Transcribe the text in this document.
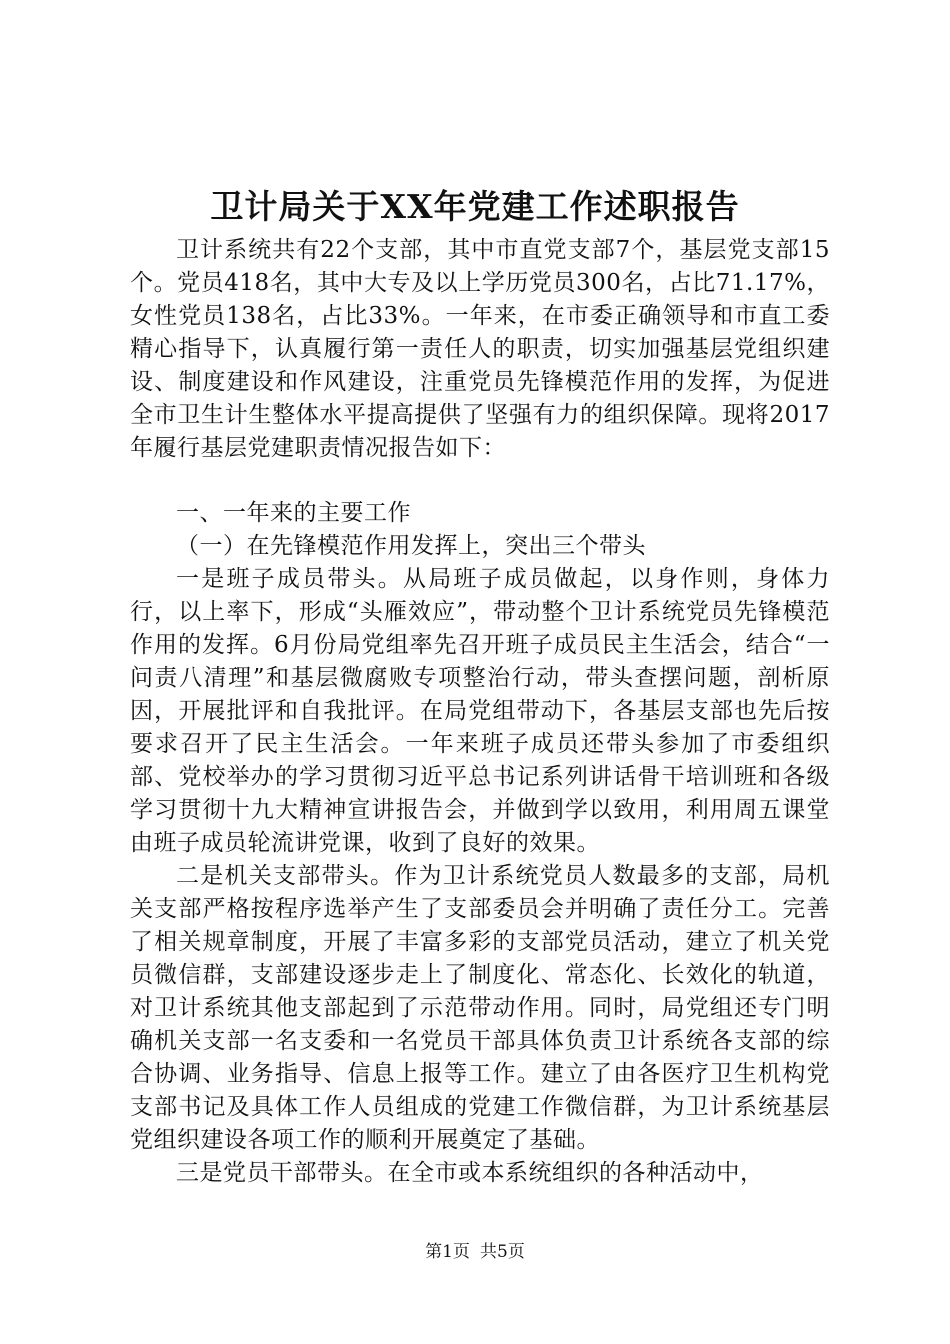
卫计局关于XX年党建工作述职报告

卫计系统共有22个支部，其中市直党支部7个，基层党支部15个。党员418名，其中大专及以上学历党员300名，占比71.17%，女性党员138名，占比33%。一年来，在市委正确领导和市直工委精心指导下，认真履行第一责任人的职责，切实加强基层党组织建设、制度建设和作风建设，注重党员先锋模范作用的发挥，为促进全市卫生计生整体水平提高提供了坚强有力的组织保障。现将2017年履行基层党建职责情况报告如下：

一、一年来的主要工作

（一）在先锋模范作用发挥上，突出三个带头

一是班子成员带头。从局班子成员做起，以身作则，身体力行，以上率下，形成“头雁效应”，带动整个卫计系统党员先锋模范作用的发挥。6月份局党组率先召开班子成员民主生活会，结合“一问责八清理”和基层微腐败专项整治行动，带头查摆问题，剖析原因，开展批评和自我批评。在局党组带动下，各基层支部也先后按要求召开了民主生活会。一年来班子成员还带头参加了市委组织部、党校举办的学习贯彻习近平总书记系列讲话骨干培训班和各级学习贯彻十九大精神宣讲报告会，并做到学以致用，利用周五课堂由班子成员轮流讲党课，收到了良好的效果。

二是机关支部带头。作为卫计系统党员人数最多的支部，局机关支部严格按程序选举产生了支部委员会并明确了责任分工。完善了相关规章制度，开展了丰富多彩的支部党员活动，建立了机关党员微信群，支部建设逐步走上了制度化、常态化、长效化的轨道，对卫计系统其他支部起到了示范带动作用。同时，局党组还专门明确机关支部一名支委和一名党员干部具体负责卫计系统各支部的综合协调、业务指导、信息上报等工作。建立了由各医疗卫生机构党支部书记及具体工作人员组成的党建工作微信群，为卫计系统基层党组织建设各项工作的顺利开展奠定了基础。

三是党员干部带头。在全市或本系统组织的各种活动中，

第1页 共5页
